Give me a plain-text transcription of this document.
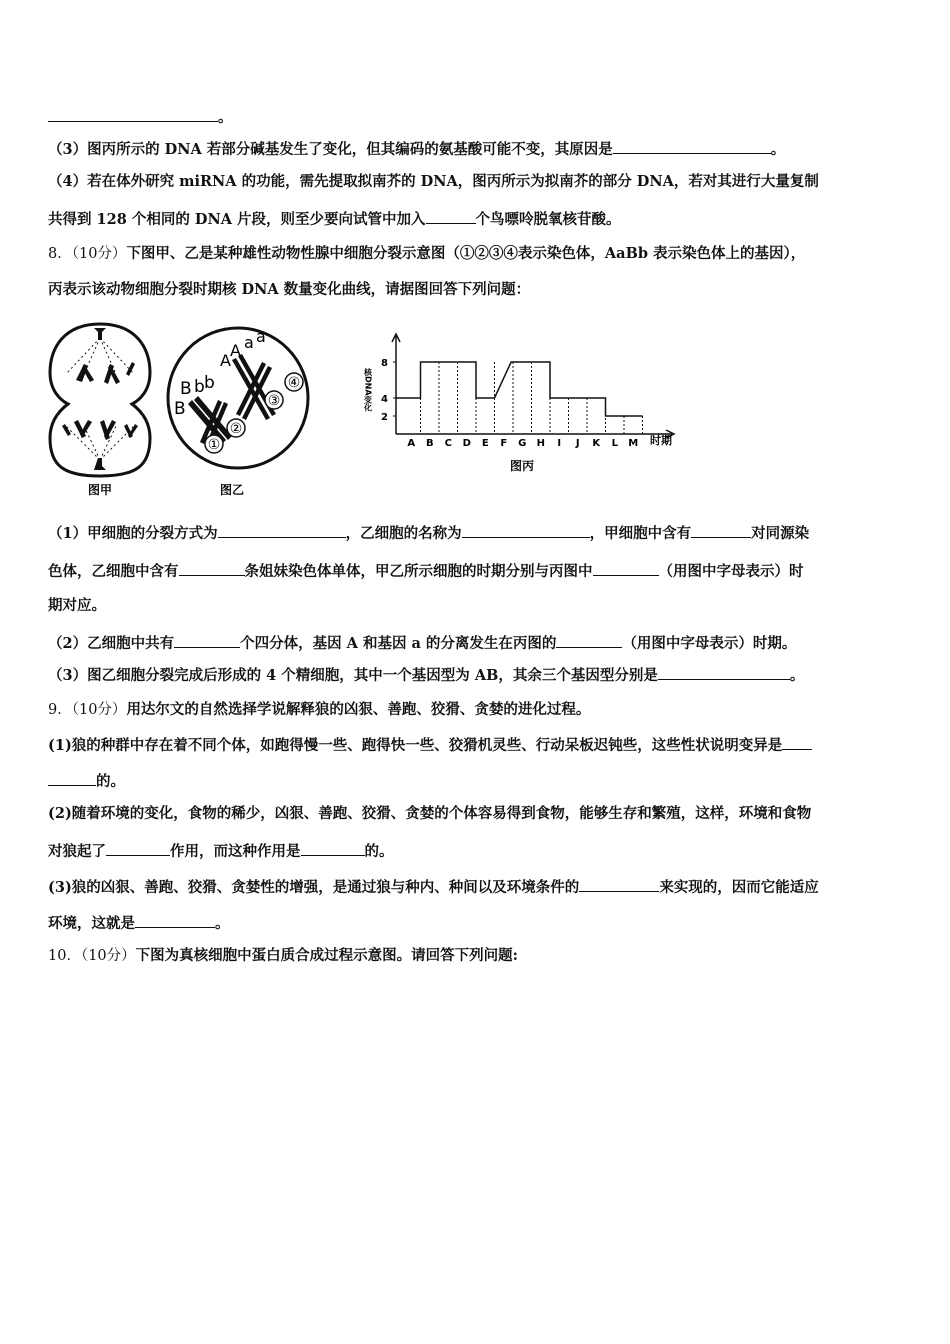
。
（3）图丙所示的 DNA 若部分碱基发生了变化，但其编码的氨基酸可能不变，其原因是	。
（4）若在体外研究 miRNA 的功能，需先提取拟南芥的 DNA，图丙所示为拟南芥的部分 DNA，若对其进行大量复制
共得到 128 个相同的 DNA 片段，则至少要向试管中加入	个鸟嘌呤脱氧核苷酸。
8．（10分）下图甲、乙是某种雄性动物性腺中细胞分裂示意图（①②③④表示染色体，AaBb 表示染色体上的基因），
丙表示该动物细胞分裂时期核 DNA 数量变化曲线，请据图回答下列问题：
图甲
A
A a a
B b b
B
①
②
③
④
图乙
核DNA变化
时期
2
4
8
A B C D E F G H I J K L M
图丙
（1）甲细胞的分裂方式为	，乙细胞的名称为	，甲细胞中含有	对同源染
色体，乙细胞中含有	条姐妹染色体单体，甲乙所示细胞的时期分别与丙图中	（用图中字母表示）时
期对应。
（2）乙细胞中共有	个四分体，基因 A 和基因 a 的分离发生在丙图的	（用图中字母表示）时期。
（3）图乙细胞分裂完成后形成的 4 个精细胞，其中一个基因型为 AB，其余三个基因型分别是	。
9．（10分）用达尔文的自然选择学说解释狼的凶狠、善跑、狡猾、贪婪的进化过程。
(1)狼的种群中存在着不同个体，如跑得慢一些、跑得快一些、狡猾机灵些、行动呆板迟钝些，这些性状说明变异是
的。
(2)随着环境的变化，食物的稀少，凶狠、善跑、狡猾、贪婪的个体容易得到食物，能够生存和繁殖，这样，环境和食物
对狼起了	作用，而这种作用是	的。
(3)狼的凶狠、善跑、狡猾、贪婪性的增强，是通过狼与种内、种间以及环境条件的	来实现的，因而它能适应
环境，这就是	。
10．（10分）下图为真核细胞中蛋白质合成过程示意图。请回答下列问题:
